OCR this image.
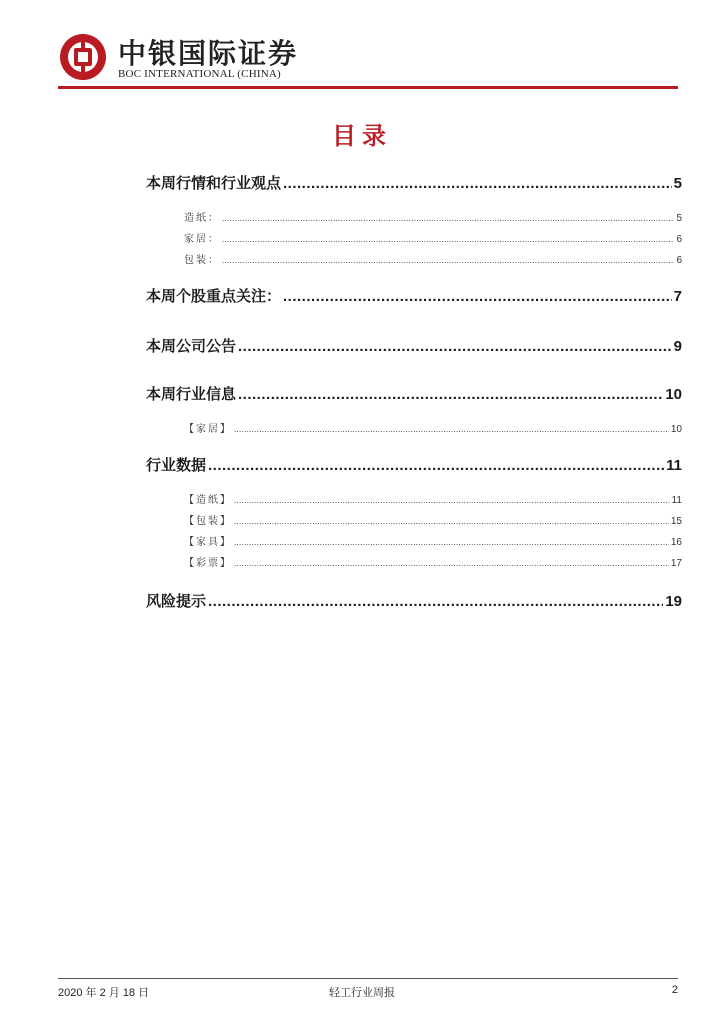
中银国际证券
BOC INTERNATIONAL (CHINA)
目录
本周行情和行业观点 .....	5
造纸： .....	5
家居： .....	6
包装： .....	6
本周个股重点关注： .....	7
本周公司公告 .....	9
本周行业信息 .....	10
【家居】 .....	10
行业数据 .....	11
【造纸】 .....	11
【包装】 .....	15
【家具】 .....	16
【彩票】 .....	17
风险提示 .....	19
2020 年 2 月 18 日	轻工行业周报	2
